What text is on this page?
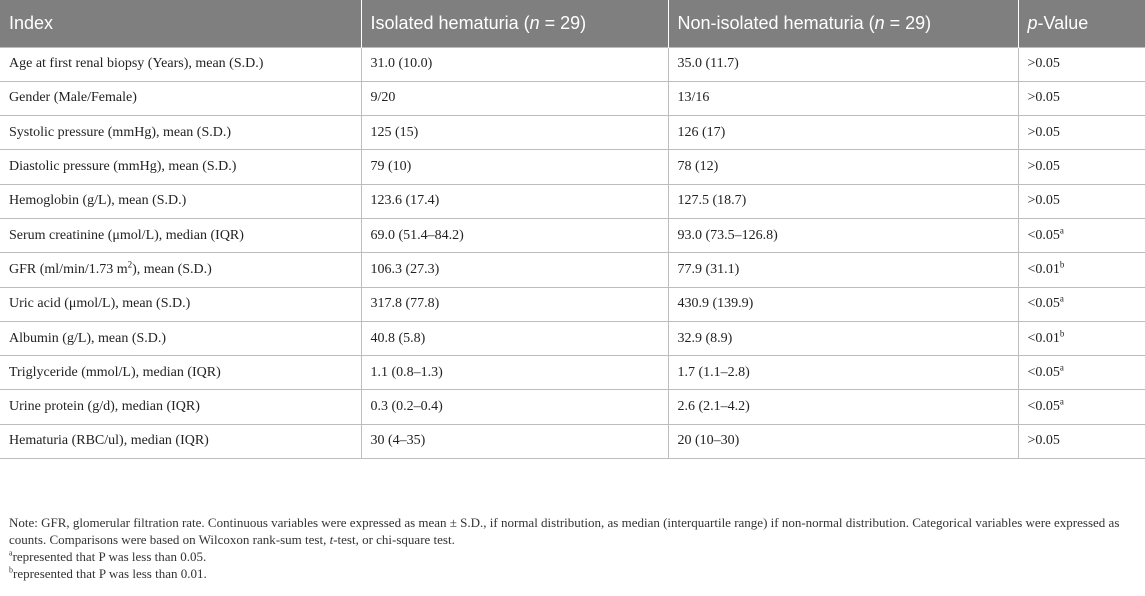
Index	Isolated hematuria (n = 29)	Non-isolated hematuria (n = 29)	p-Value
Age at first renal biopsy (Years), mean (S.D.)	31.0 (10.0)	35.0 (11.7)	>0.05
Gender (Male/Female)	9/20	13/16	>0.05
Systolic pressure (mmHg), mean (S.D.)	125 (15)	126 (17)	>0.05
Diastolic pressure (mmHg), mean (S.D.)	79 (10)	78 (12)	>0.05
Hemoglobin (g/L), mean (S.D.)	123.6 (17.4)	127.5 (18.7)	>0.05
Serum creatinine (μmol/L), median (IQR)	69.0 (51.4–84.2)	93.0 (73.5–126.8)	<0.05$^a$
GFR (ml/min/1.73 $m^2$), mean (S.D.)	106.3 (27.3)	77.9 (31.1)	<0.01$^b$
Uric acid (μmol/L), mean (S.D.)	317.8 (77.8)	430.9 (139.9)	<0.05$^a$
Albumin (g/L), mean (S.D.)	40.8 (5.8)	32.9 (8.9)	<0.01$^b$
Triglyceride (mmol/L), median (IQR)	1.1 (0.8–1.3)	1.7 (1.1–2.8)	<0.05$^a$
Urine protein (g/d), median (IQR)	0.3 (0.2–0.4)	2.6 (2.1–4.2)	<0.05$^a$
Hematuria (RBC/ul), median (IQR)	30 (4–35)	20 (10–30)	>0.05

Note: GFR, glomerular filtration rate. Continuous variables were expressed as mean ± S.D., if normal distribution, as median (interquartile range) if non-normal distribution. Categorical variables were expressed as counts. Comparisons were based on Wilcoxon rank-sum test, t-test, or chi-square test.

$^a$represented that P was less than 0.05.

$^b$represented that P was less than 0.01.
